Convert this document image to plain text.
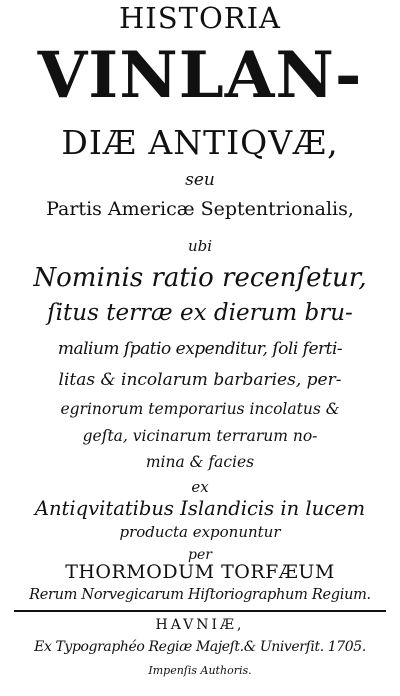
HISTORIA
VINLAN-
DIÆ ANTIQVÆ,
seu
Partis Americæ Septentrionalis,
ubi
Nominis ratio recenſetur,
ſitus terræ ex dierum bru-
malium ſpatio expenditur, ſoli ferti-
litas & incolarum barbaries, per-
egrinorum temporarius incolatus &
geſta, vicinarum terrarum no-
mina & facies
ex
Antiqvitatibus Islandicis in lucem
producta exponuntur
per
THORMODUM TORFÆUM
Rerum Norvegicarum Hiſtoriographum Regium.
HAVNIÆ,
Ex Typographéo Regiæ Majeſt.& Univerſit. 1705.
Impenſis Authoris.
